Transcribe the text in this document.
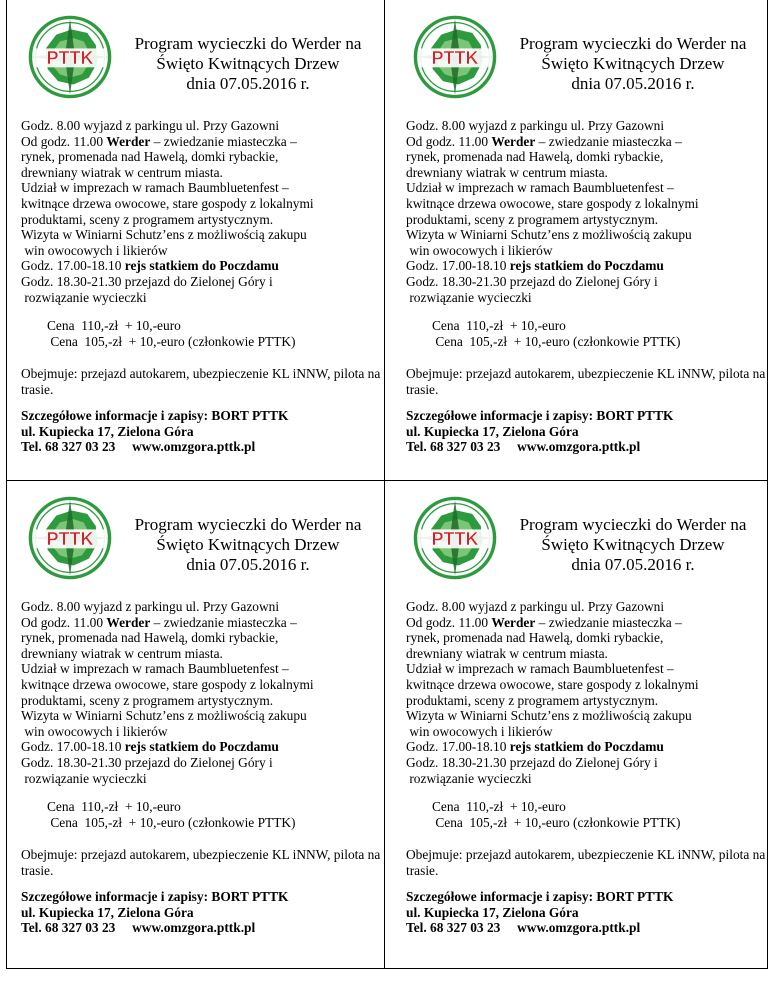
PTTK
Program wycieczki do Werder na
Święto Kwitnących Drzew
dnia 07.05.2016 r.
Godz. 8.00 wyjazd z parkingu ul. Przy Gazowni
Od godz. 11.00 Werder – zwiedzanie miasteczka –
rynek, promenada nad Hawelą, domki rybackie,
drewniany wiatrak w centrum miasta.
Udział w imprezach w ramach Baumbluetenfest –
kwitnące drzewa owocowe, stare gospody z lokalnymi
produktami, sceny z programem artystycznym.
Wizyta w Winiarni Schutz’ens z możliwością zakupu
win owocowych i likierów
Godz. 17.00-18.10 rejs statkiem do Poczdamu
Godz. 18.30-21.30 przejazd do Zielonej Góry i
rozwiązanie wycieczki
Cena  110,-zł  + 10,-euro
Cena  105,-zł  + 10,-euro (członkowie PTTK)
Obejmuje: przejazd autokarem, ubezpieczenie KL iNNW, pilota na trasie.
Szczegółowe informacje i zapisy: BORT PTTK
ul. Kupiecka 17, Zielona Góra
Tel. 68 327 03 23     www.omzgora.pttk.pl
PTTK
Program wycieczki do Werder na
Święto Kwitnących Drzew
dnia 07.05.2016 r.
Godz. 8.00 wyjazd z parkingu ul. Przy Gazowni
Od godz. 11.00 Werder – zwiedzanie miasteczka –
rynek, promenada nad Hawelą, domki rybackie,
drewniany wiatrak w centrum miasta.
Udział w imprezach w ramach Baumbluetenfest –
kwitnące drzewa owocowe, stare gospody z lokalnymi
produktami, sceny z programem artystycznym.
Wizyta w Winiarni Schutz’ens z możliwością zakupu
win owocowych i likierów
Godz. 17.00-18.10 rejs statkiem do Poczdamu
Godz. 18.30-21.30 przejazd do Zielonej Góry i
rozwiązanie wycieczki
Cena  110,-zł  + 10,-euro
Cena  105,-zł  + 10,-euro (członkowie PTTK)
Obejmuje: przejazd autokarem, ubezpieczenie KL iNNW, pilota na trasie.
Szczegółowe informacje i zapisy: BORT PTTK
ul. Kupiecka 17, Zielona Góra
Tel. 68 327 03 23     www.omzgora.pttk.pl
PTTK
Program wycieczki do Werder na
Święto Kwitnących Drzew
dnia 07.05.2016 r.
Godz. 8.00 wyjazd z parkingu ul. Przy Gazowni
Od godz. 11.00 Werder – zwiedzanie miasteczka –
rynek, promenada nad Hawelą, domki rybackie,
drewniany wiatrak w centrum miasta.
Udział w imprezach w ramach Baumbluetenfest –
kwitnące drzewa owocowe, stare gospody z lokalnymi
produktami, sceny z programem artystycznym.
Wizyta w Winiarni Schutz’ens z możliwością zakupu
win owocowych i likierów
Godz. 17.00-18.10 rejs statkiem do Poczdamu
Godz. 18.30-21.30 przejazd do Zielonej Góry i
rozwiązanie wycieczki
Cena  110,-zł  + 10,-euro
Cena  105,-zł  + 10,-euro (członkowie PTTK)
Obejmuje: przejazd autokarem, ubezpieczenie KL iNNW, pilota na trasie.
Szczegółowe informacje i zapisy: BORT PTTK
ul. Kupiecka 17, Zielona Góra
Tel. 68 327 03 23     www.omzgora.pttk.pl
PTTK
Program wycieczki do Werder na
Święto Kwitnących Drzew
dnia 07.05.2016 r.
Godz. 8.00 wyjazd z parkingu ul. Przy Gazowni
Od godz. 11.00 Werder – zwiedzanie miasteczka –
rynek, promenada nad Hawelą, domki rybackie,
drewniany wiatrak w centrum miasta.
Udział w imprezach w ramach Baumbluetenfest –
kwitnące drzewa owocowe, stare gospody z lokalnymi
produktami, sceny z programem artystycznym.
Wizyta w Winiarni Schutz’ens z możliwością zakupu
win owocowych i likierów
Godz. 17.00-18.10 rejs statkiem do Poczdamu
Godz. 18.30-21.30 przejazd do Zielonej Góry i
rozwiązanie wycieczki
Cena  110,-zł  + 10,-euro
Cena  105,-zł  + 10,-euro (członkowie PTTK)
Obejmuje: przejazd autokarem, ubezpieczenie KL iNNW, pilota na trasie.
Szczegółowe informacje i zapisy: BORT PTTK
ul. Kupiecka 17, Zielona Góra
Tel. 68 327 03 23     www.omzgora.pttk.pl
